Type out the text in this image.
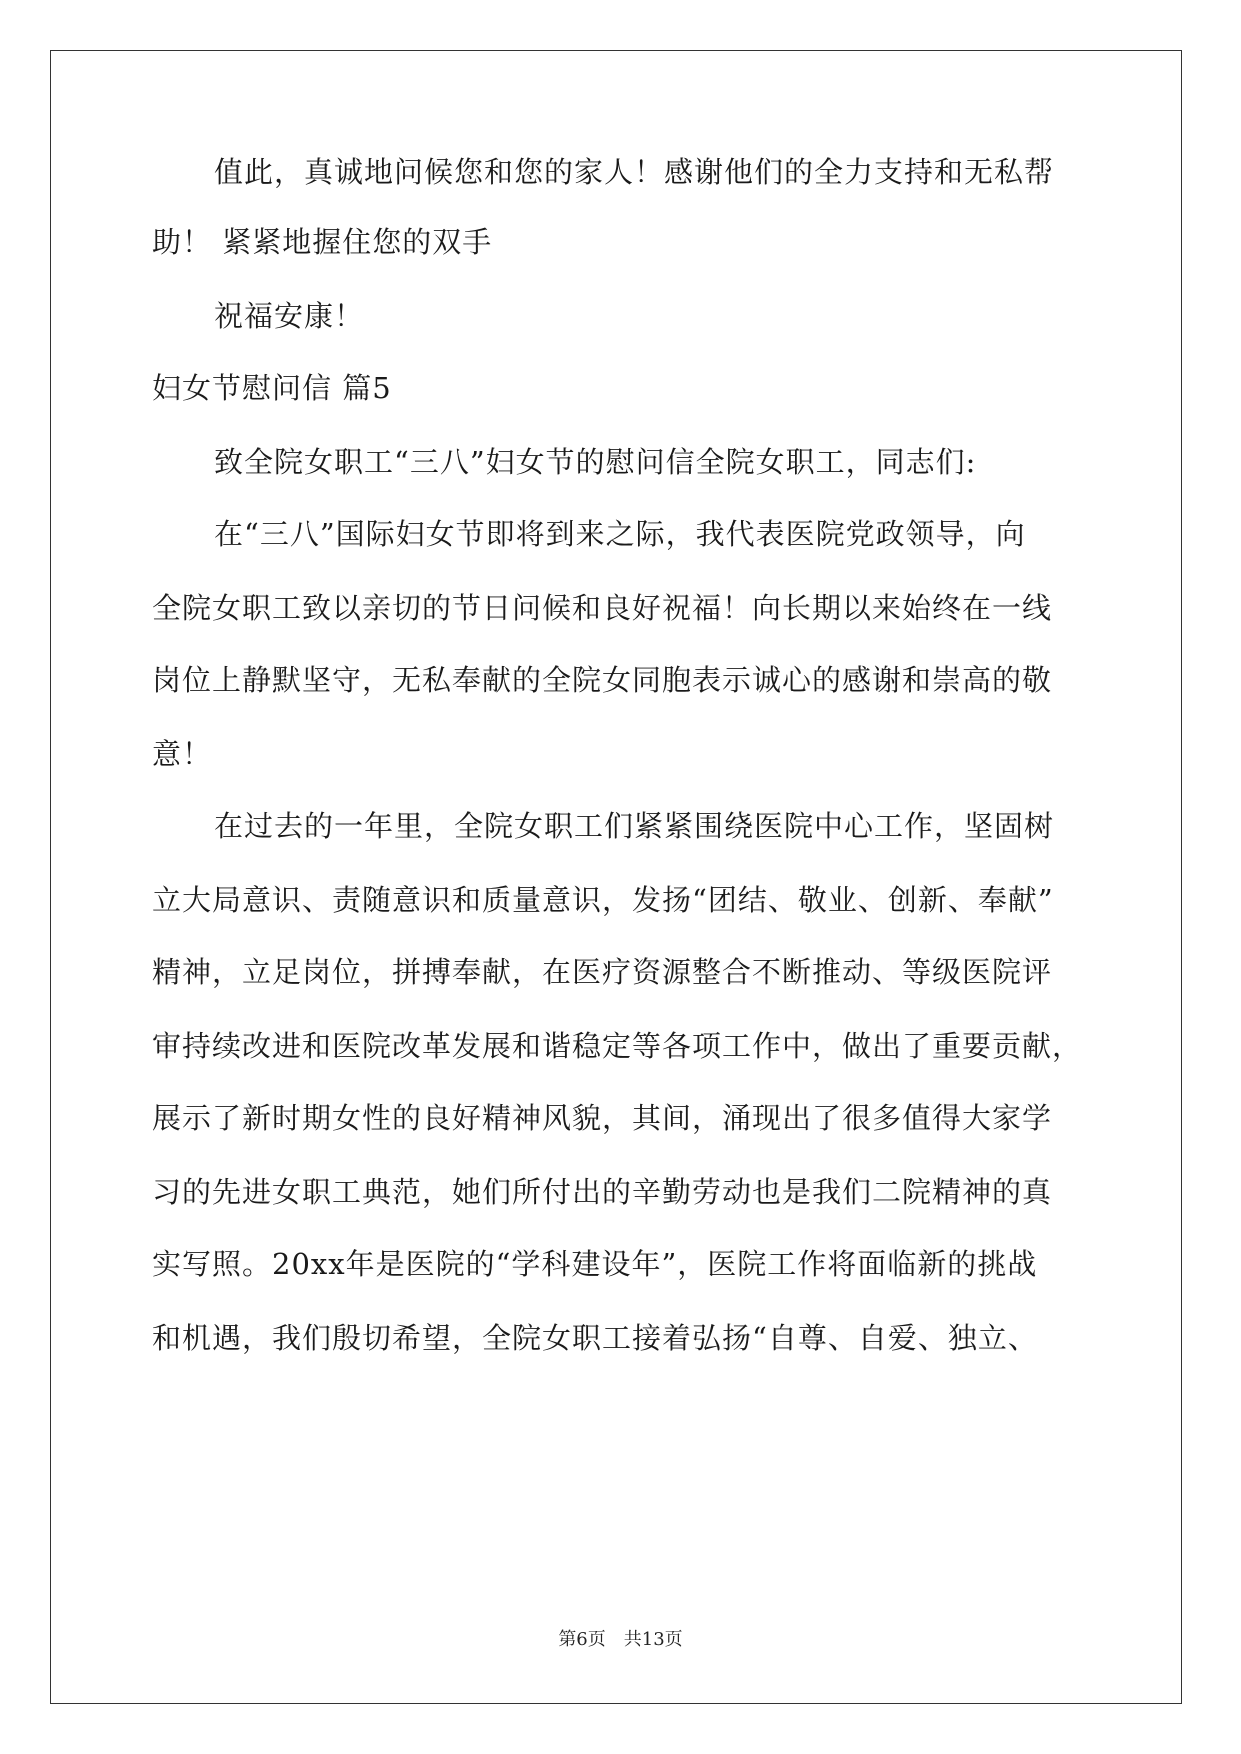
值此，真诚地问候您和您的家人！感谢他们的全力支持和无私帮
助！ 紧紧地握住您的双手
祝福安康！
妇女节慰问信 篇5
致全院女职工“三八”妇女节的慰问信全院女职工，同志们:
在“三八”国际妇女节即将到来之际，我代表医院党政领导，向
全院女职工致以亲切的节日问候和良好祝福！向长期以来始终在一线
岗位上静默坚守，无私奉献的全院女同胞表示诚心的感谢和崇高的敬
意！
在过去的一年里，全院女职工们紧紧围绕医院中心工作，坚固树
立大局意识、责随意识和质量意识，发扬“团结、敬业、创新、奉献”
精神，立足岗位，拼搏奉献，在医疗资源整合不断推动、等级医院评
审持续改进和医院改革发展和谐稳定等各项工作中，做出了重要贡献，
展示了新时期女性的良好精神风貌，其间，涌现出了很多值得大家学
习的先进女职工典范，她们所付出的辛勤劳动也是我们二院精神的真
实写照。20xx年是医院的“学科建设年”，医院工作将面临新的挑战
和机遇，我们殷切希望，全院女职工接着弘扬“自尊、自爱、独立、
第6页 共13页
